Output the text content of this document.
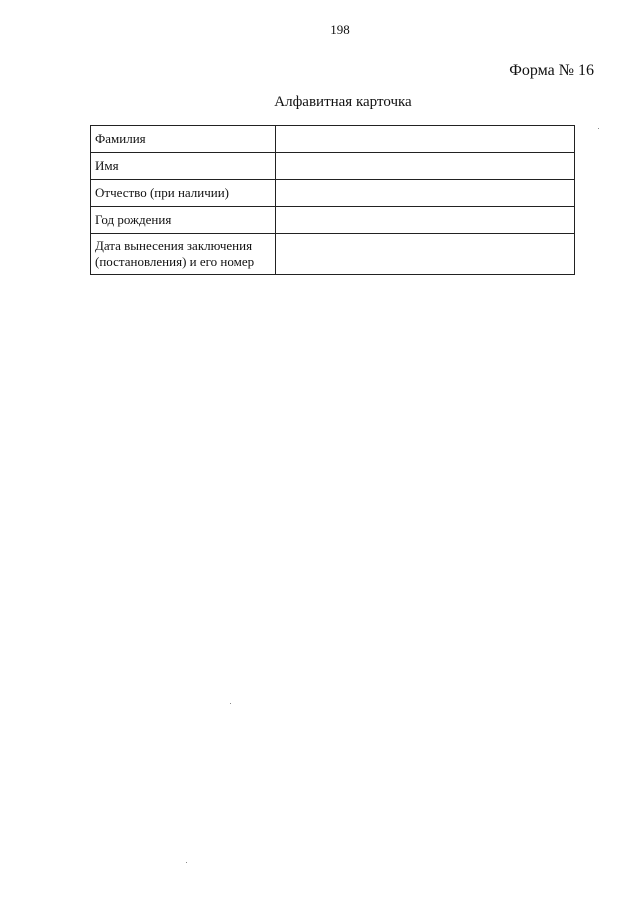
198
Форма № 16
Алфавитная карточка
Фамилия	
Имя	
Отчество (при наличии)	
Год рождения	
Дата вынесения заключения (постановления) и его номер	
